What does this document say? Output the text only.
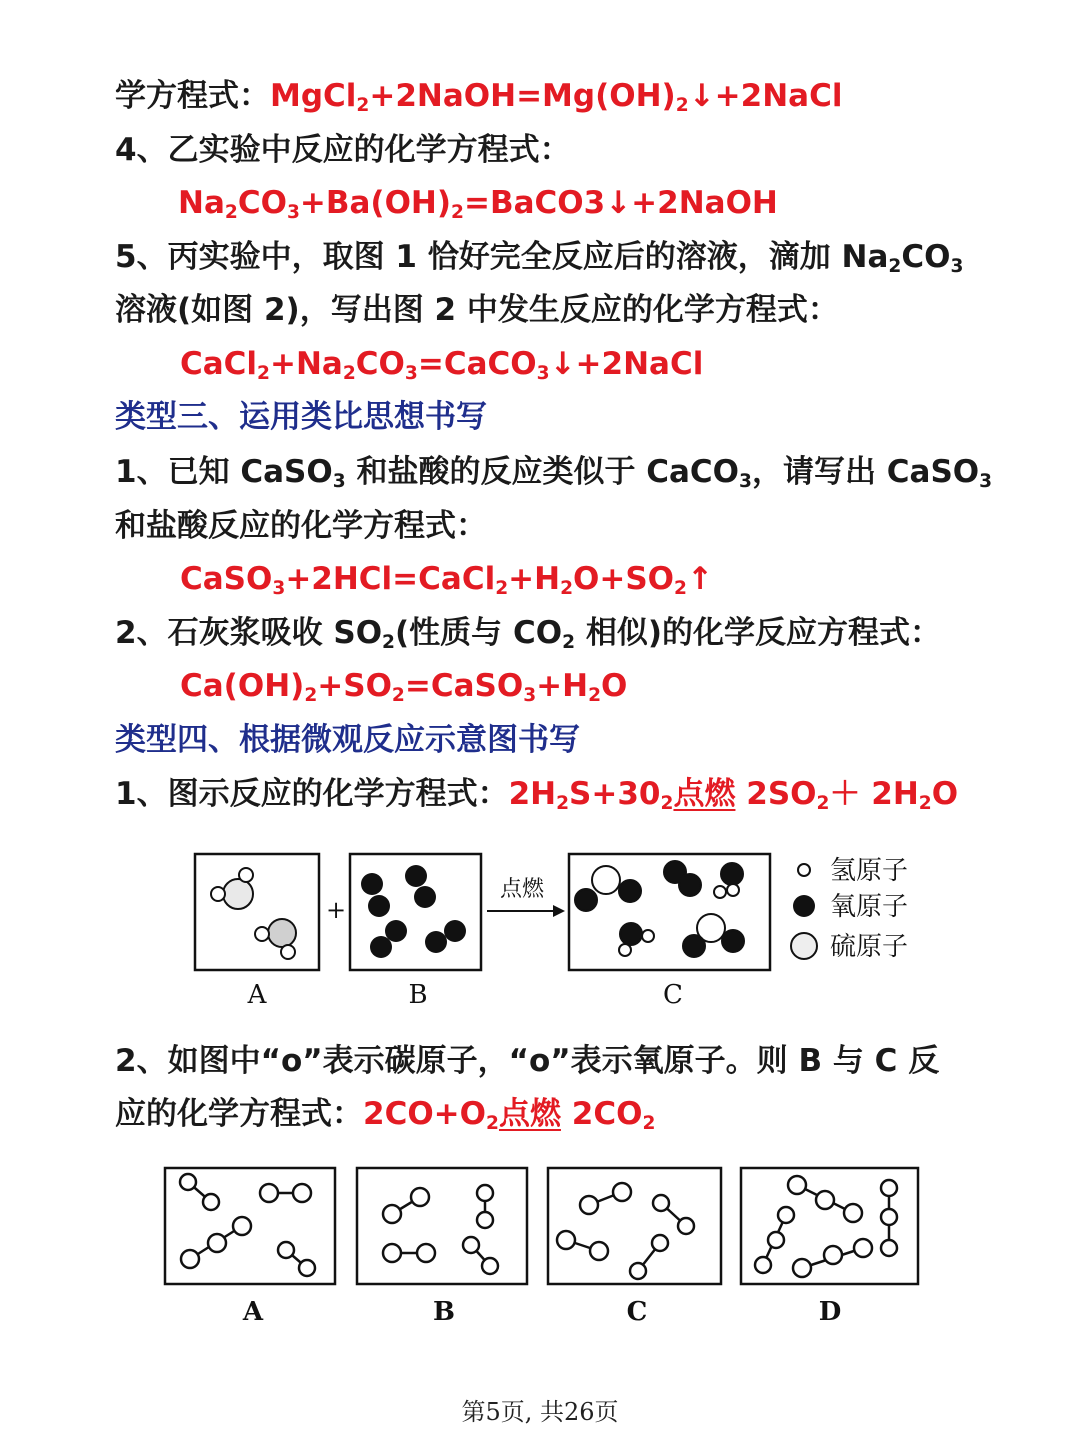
学方程式：$MgCl_2+2NaOH=Mg(OH)_2↓+2NaCl$
4、乙实验中反应的化学方程式：
$Na_2CO_3+Ba(OH)_2=BaCO3↓+2NaOH$
5、丙实验中，取图 1 恰好完全反应后的溶液，滴加 $Na_2CO_3$
溶液(如图 2)，写出图 2 中发生反应的化学方程式：
$CaCl_2+Na_2CO_3=CaCO_3↓+2NaCl$
类型三、运用类比思想书写
1、已知 CaSO$_3$ 和盐酸的反应类似于 CaCO$_3$，请写出 CaSO$_3$
和盐酸反应的化学方程式：
$CaSO_3+2HCl=CaCl_2+H_2O+SO_2↑$
2、石灰浆吸收 $SO_2$(性质与 $CO_2$ 相似)的化学反应方程式：
$Ca(OH)_2+SO_2=CaSO_3+H_2O$
类型四、根据微观反应示意图书写
1、图示反应的化学方程式：$2H_2S+30_2$点燃 $2SO_2+ 2H_2O$
2、如图中“o”表示碳原子，“o”表示氧原子。则 B 与 C 反
应的化学方程式：$2CO+O_2$点燃 $2CO_2$
+
点燃
A	B	C
氢原子
氧原子
硫原子
A	B	C	D
第5页, 共26页
